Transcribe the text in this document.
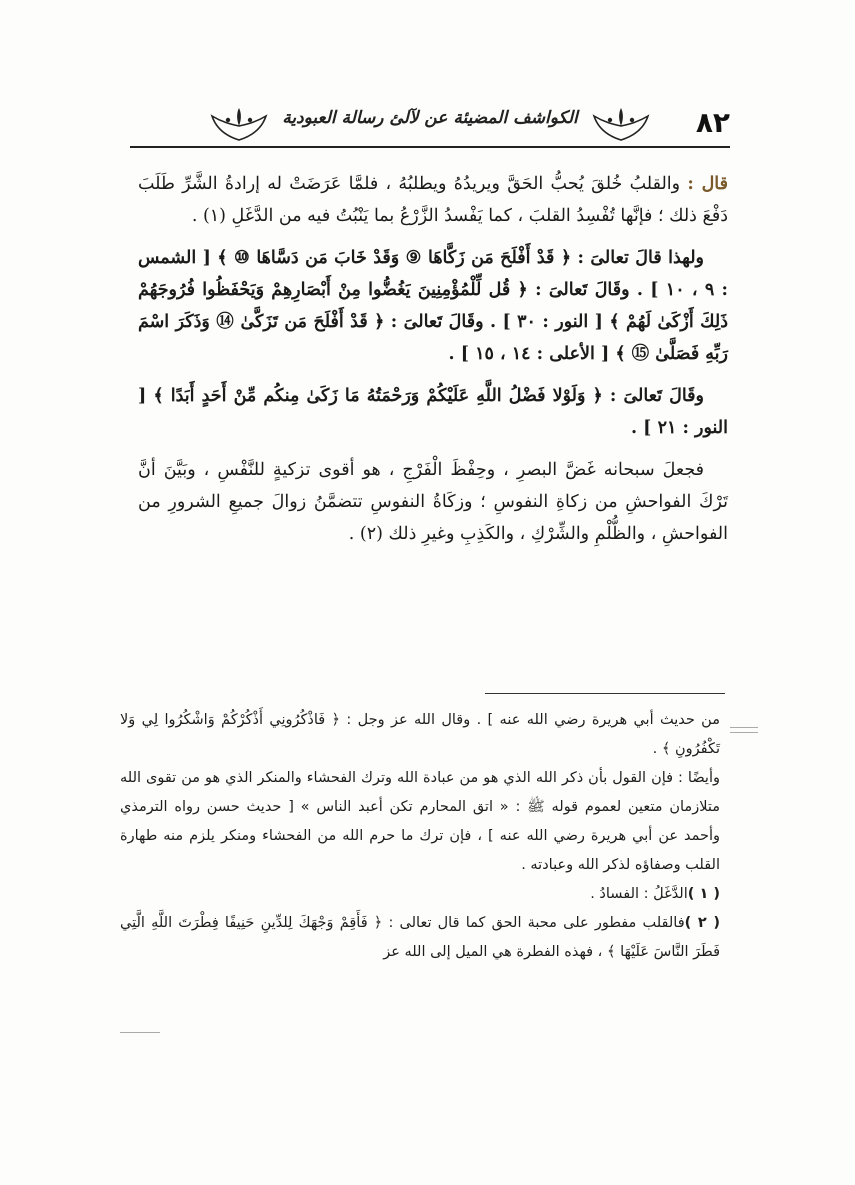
الكواشف المضيئة عن لآلئ رسالة العبودية	٨٢

قال : والقلبُ خُلقَ يُحبُّ الحَقَّ ويريدُهُ ويطلبُهُ ، فلمَّا عَرَضَتْ له إرادةُ الشَّرِّ طَلَبَ دَفْعَ ذلك ؛ فإنَّها تُفْسِدُ القلبَ ، كما يَفْسدُ الزَّرْعُ بما يَنْبُتُ فيه من الدَّغَلِ (١) .

ولهذا قالَ تعالىَ : ﴿ قَدْ أَفْلَحَ مَن زَكَّاهَا ⑨ وَقَدْ خَابَ مَن دَسَّاهَا ⑩ ﴾ [ الشمس : ٩ ، ١٠ ] . وقَالَ تَعالىَ : ﴿ قُل لِّلْمُؤْمِنِينَ يَغُضُّوا مِنْ أَبْصَارِهِمْ وَيَحْفَظُوا فُرُوجَهُمْ ذَلِكَ أَزْكَىٰ لَهُمْ ﴾ [ النور : ٣٠ ] . وقَالَ تَعالىَ : ﴿ قَدْ أَفْلَحَ مَن تَزَكَّىٰ ⑭ وَذَكَرَ اسْمَ رَبِّهِ فَصَلَّىٰ ⑮ ﴾ [ الأعلى : ١٤ ، ١٥ ] .

وقَالَ تَعالىَ : ﴿ وَلَوْلا فَضْلُ اللَّهِ عَلَيْكُمْ وَرَحْمَتُهُ مَا زَكَىٰ مِنكُم مِّنْ أَحَدٍ أَبَدًا ﴾ [ النور : ٢١ ] .

فجعلَ سبحانه غَضَّ البصرِ ، وحِفْظَ الْفَرْجِ ، هو أقوى تزكيةٍ للنَّفْسِ ، وبَيَّنَ أنَّ تَرْكَ الفواحشِ من زكاةِ النفوسِ ؛ وزكَاةُ النفوسِ تتضمَّنُ زوالَ جميعِ الشرورِ من الفواحشِ ، والظُّلْمِ والشِّرْكِ ، والكَذِبِ وغيرِ ذلك (٢) .

من حديث أبي هريرة رضي الله عنه ] . وقال الله عز وجل : ﴿ فَاذْكُرُونِي أَذْكُرْكُمْ وَاشْكُرُوا لِي وَلا تَكْفُرُونِ ﴾ .

وأيضًا : فإن القول بأن ذكر الله الذي هو من عبادة الله وترك الفحشاء والمنكر الذي هو من تقوى الله متلازمان متعين لعموم قوله ﷺ : « اتق المحارم تكن أعبد الناس » [ حديث حسن رواه الترمذي وأحمد عن أبي هريرة رضي الله عنه ] ، فإن ترك ما حرم الله من الفحشاء ومنكر يلزم منه طهارة القلب وصفاؤه لذكر الله وعبادته .

( ١ )الدَّغَلُ : الفسادُ .

( ٢ )فالقلب مفطور على محبة الحق كما قال تعالى : ﴿ فَأَقِمْ وَجْهَكَ لِلدِّينِ حَنِيفًا فِطْرَتَ اللَّهِ الَّتِي فَطَرَ النَّاسَ عَلَيْهَا ﴾ ، فهذه الفطرة هي الميل إلى الله عز
